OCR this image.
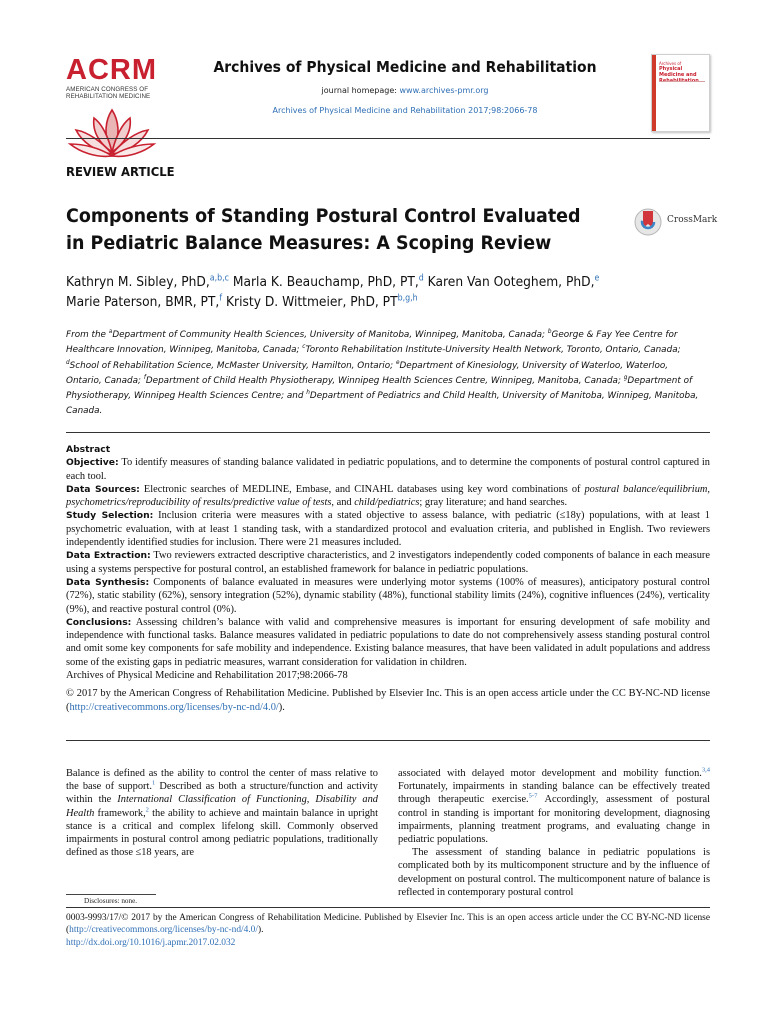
ACRM
AMERICAN CONGRESS OF
REHABILITATION MEDICINE
Archives of Physical Medicine and Rehabilitation
journal homepage: www.archives-pmr.org
Archives of Physical Medicine and Rehabilitation 2017;98:2066-78
Archives of
Physical Medicine and
REVIEW ARTICLE
Components of Standing Postural Control Evaluated in Pediatric Balance Measures: A Scoping Review
CrossMark
Kathryn M. Sibley, PhD,$^{a,b,c}$ Marla K. Beauchamp, PhD, PT,$^d$ Karen Van Ooteghem, PhD,$^e$
Marie Paterson, BMR, PT,$^f$ Kristy D. Wittmeier, PhD, PT$^{b,g,h}$
From the $^a$Department of Community Health Sciences, University of Manitoba, Winnipeg, Manitoba, Canada; $^b$George & Fay Yee Centre for Healthcare Innovation, Winnipeg, Manitoba, Canada; $^c$Toronto Rehabilitation Institute-University Health Network, Toronto, Ontario, Canada; $^d$School of Rehabilitation Science, McMaster University, Hamilton, Ontario; $^e$Department of Kinesiology, University of Waterloo, Waterloo, Ontario, Canada; $^f$Department of Child Health Physiotherapy, Winnipeg Health Sciences Centre, Winnipeg, Manitoba, Canada; $^g$Department of Physiotherapy, Winnipeg Health Sciences Centre; and $^h$Department of Pediatrics and Child Health, University of Manitoba, Winnipeg, Manitoba, Canada.
Abstract

Objective: To identify measures of standing balance validated in pediatric populations, and to determine the components of postural control captured in each tool.

Data Sources: Electronic searches of MEDLINE, Embase, and CINAHL databases using key word combinations of postural balance/equilibrium, psychometrics/reproducibility of results/predictive value of tests, and child/pediatrics; gray literature; and hand searches.

Study Selection: Inclusion criteria were measures with a stated objective to assess balance, with pediatric (≤18y) populations, with at least 1 psychometric evaluation, with at least 1 standing task, with a standardized protocol and evaluation criteria, and published in English. Two reviewers independently identified studies for inclusion. There were 21 measures included.

Data Extraction: Two reviewers extracted descriptive characteristics, and 2 investigators independently coded components of balance in each measure using a systems perspective for postural control, an established framework for balance in pediatric populations.

Data Synthesis: Components of balance evaluated in measures were underlying motor systems (100% of measures), anticipatory postural control (72%), static stability (62%), sensory integration (52%), dynamic stability (48%), functional stability limits (24%), cognitive influences (24%), verticality (9%), and reactive postural control (0%).

Conclusions: Assessing children’s balance with valid and comprehensive measures is important for ensuring development of safe mobility and independence with functional tasks. Balance measures validated in pediatric populations to date do not comprehensively assess standing postural control and omit some key components for safe mobility and independence. Existing balance measures, that have been validated in adult populations and address some of the existing gaps in pediatric measures, warrant consideration for validation in children.

Archives of Physical Medicine and Rehabilitation 2017;98:2066-78

© 2017 by the American Congress of Rehabilitation Medicine. Published by Elsevier Inc. This is an open access article under the CC BY-NC-ND license (http://creativecommons.org/licenses/by-nc-nd/4.0/).

Balance is defined as the ability to control the center of mass relative to the base of support.$^1$ Described as both a structure/function and activity within the International Classification of Functioning, Disability and Health framework,$^2$ the ability to achieve and maintain balance in upright stance is a critical and complex lifelong skill. Commonly observed impairments in postural control among pediatric populations, traditionally defined as those ≤18 years, are

associated with delayed motor development and mobility function.$^{3,4}$ Fortunately, impairments in standing balance can be effectively treated through therapeutic exercise.$^{5-7}$ Accordingly, assessment of postural control in standing is important for monitoring development, diagnosing impairments, planning treatment programs, and evaluating change in pediatric populations.

The assessment of standing balance in pediatric populations is complicated both by its multicomponent structure and by the influence of development on postural control. The multicomponent nature of balance is reflected in contemporary postural control

Disclosures: none.
0003-9993/17/© 2017 by the American Congress of Rehabilitation Medicine. Published by Elsevier Inc. This is an open access article under the CC BY-NC-ND license (http://creativecommons.org/licenses/by-nc-nd/4.0/).
http://dx.doi.org/10.1016/j.apmr.2017.02.032
